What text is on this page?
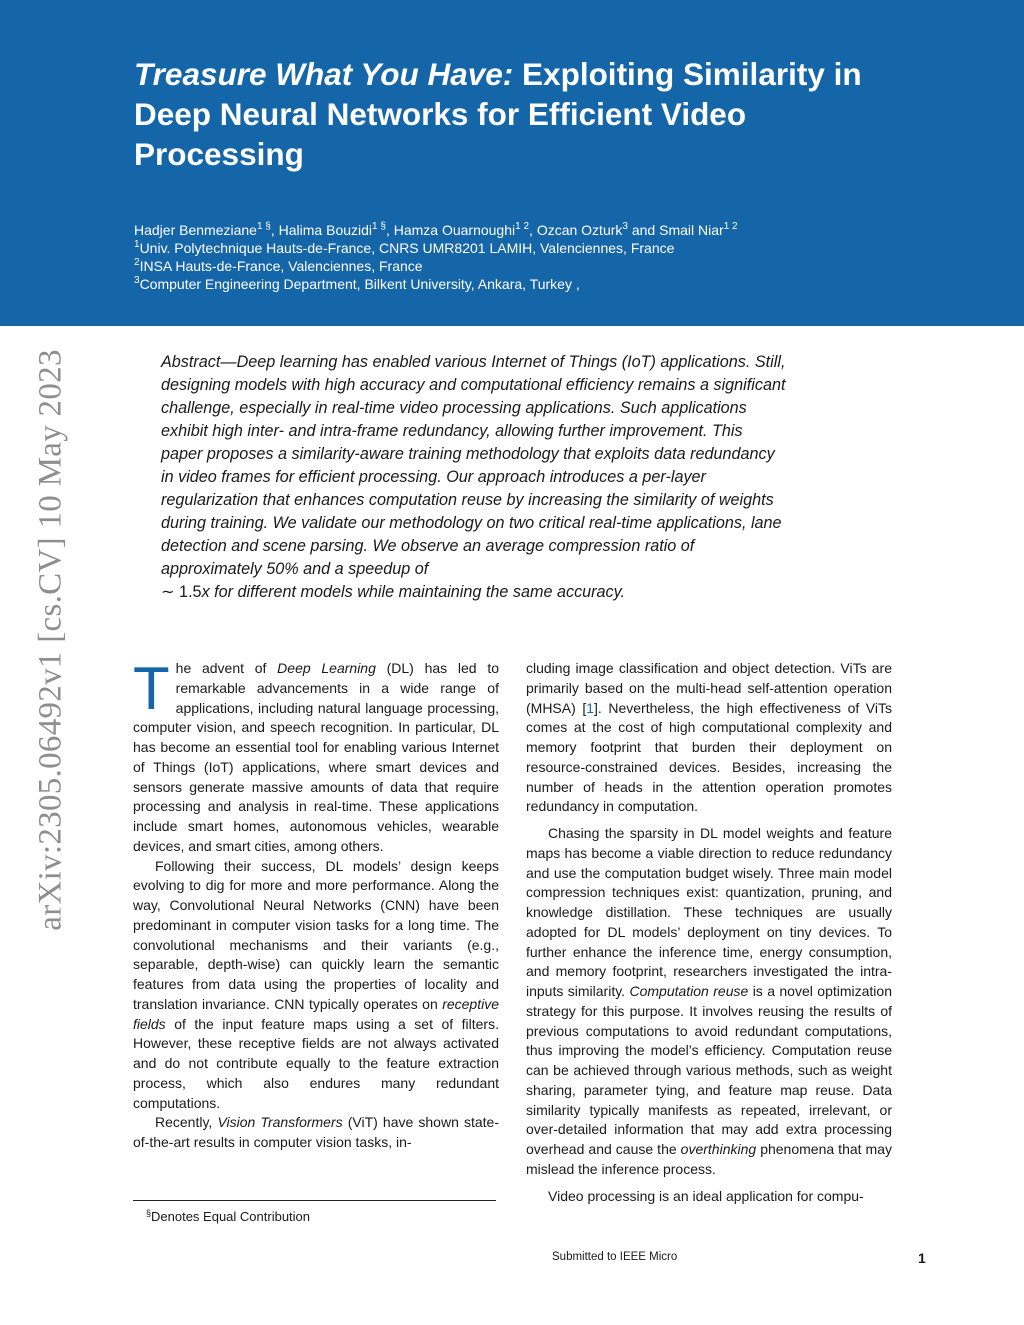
Treasure What You Have: Exploiting Similarity in Deep Neural Networks for Efficient Video Processing
Hadjer Benmeziane$^{1 \S}$, Halima Bouzidi$^{1 \S}$, Hamza Ouarnoughi$^{1 2}$, Ozcan Ozturk$^3$ and Smail Niar$^{1 2}$
$^1$Univ. Polytechnique Hauts-de-France, CNRS UMR8201 LAMIH, Valenciennes, France
$^2$INSA Hauts-de-France, Valenciennes, France
$^3$Computer Engineering Department, Bilkent University, Ankara, Turkey ,
arXiv:2305.06492v1 [cs.CV] 10 May 2023	Abstract—Deep learning has enabled various Internet of Things (IoT) applications. Still, designing models with high accuracy and computational efficiency remains a significant challenge, especially in real-time video processing applications. Such applications exhibit high inter- and intra-frame redundancy, allowing further improvement. This paper proposes a similarity-aware training methodology that exploits data redundancy in video frames for efficient processing. Our approach introduces a per-layer regularization that enhances computation reuse by increasing the similarity of weights during training. We validate our methodology on two critical real-time applications, lane detection and scene parsing. We observe an average compression ratio of approximately 50% and a speedup of
∼ 1.5x for different models while maintaining the same accuracy.

The advent of Deep Learning (DL) has led to remarkable advancements in a wide range of applications, including natural language processing, computer vision, and speech recognition. In particular, DL has become an essential tool for enabling various Internet of Things (IoT) applications, where smart devices and sensors generate massive amounts of data that require processing and analysis in real-time. These applications include smart homes, autonomous vehicles, wearable devices, and smart cities, among others.

Following their success, DL models’ design keeps evolving to dig for more and more performance. Along the way, Convolutional Neural Networks (CNN) have been predominant in computer vision tasks for a long time. The convolutional mechanisms and their variants (e.g., separable, depth-wise) can quickly learn the semantic features from data using the properties of locality and translation invariance. CNN typically operates on receptive fields of the input feature maps using a set of filters. However, these receptive fields are not always activated and do not contribute equally to the feature extraction process, which also endures many redundant computations.

Recently, Vision Transformers (ViT) have shown state-of-the-art results in computer vision tasks, in-

cluding image classification and object detection. ViTs are primarily based on the multi-head self-attention operation (MHSA) [1]. Nevertheless, the high effectiveness of ViTs comes at the cost of high computational complexity and memory footprint that burden their deployment on resource-constrained devices. Besides, increasing the number of heads in the attention operation promotes redundancy in computation.

Chasing the sparsity in DL model weights and feature maps has become a viable direction to reduce redundancy and use the computation budget wisely. Three main model compression techniques exist: quantization, pruning, and knowledge distillation. These techniques are usually adopted for DL models’ deployment on tiny devices. To further enhance the inference time, energy consumption, and memory footprint, researchers investigated the intra-inputs similarity. Computation reuse is a novel optimization strategy for this purpose. It involves reusing the results of previous computations to avoid redundant computations, thus improving the model’s efficiency. Computation reuse can be achieved through various methods, such as weight sharing, parameter tying, and feature map reuse. Data similarity typically manifests as repeated, irrelevant, or over-detailed information that may add extra processing overhead and cause the overthinking phenomena that may mislead the inference process.

Video processing is an ideal application for compu-

§Denotes Equal Contribution
Submitted to IEEE Micro	1
